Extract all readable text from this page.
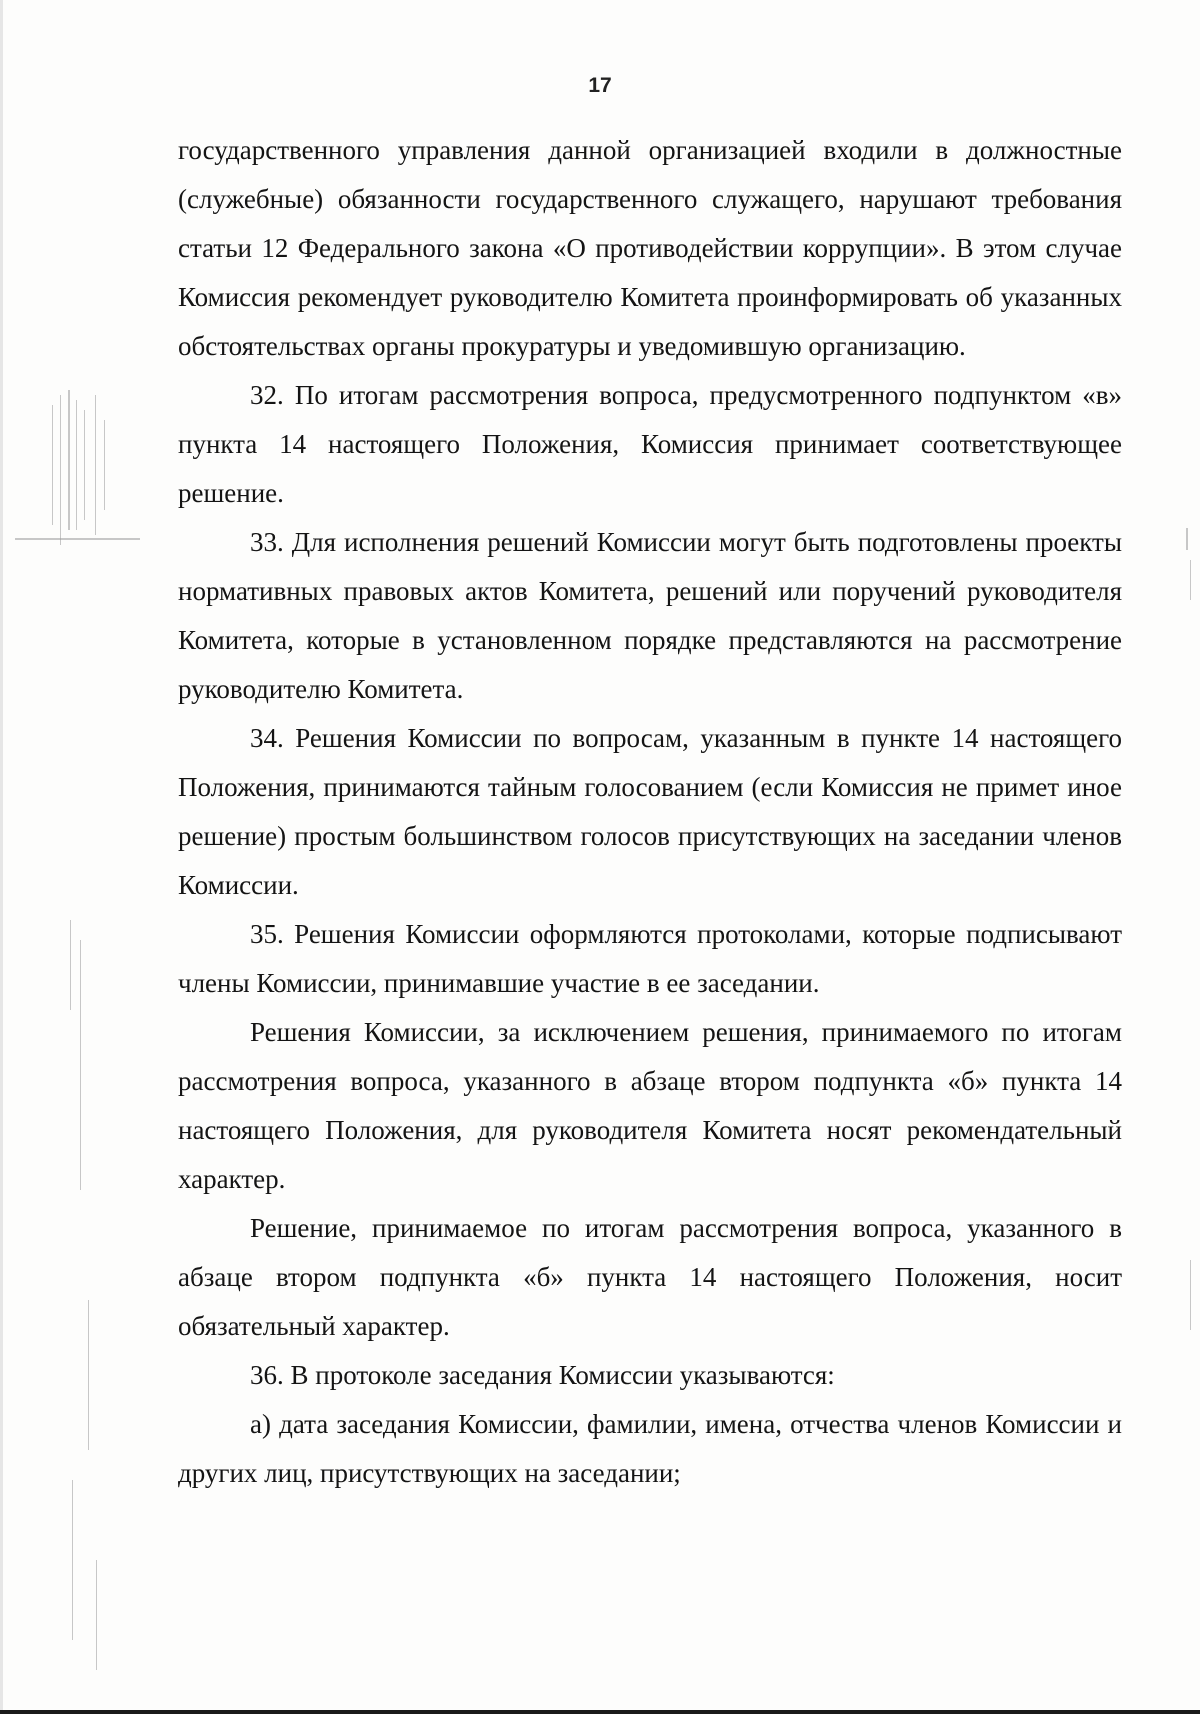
17

государственного управления данной организацией входили в должностные (служебные) обязанности государственного служащего, нарушают требования статьи 12 Федерального закона «О противодействии коррупции». В этом случае Комиссия рекомендует руководителю Комитета проинформировать об указанных обстоятельствах органы прокуратуры и уведомившую организацию.

32. По итогам рассмотрения вопроса, предусмотренного подпунктом «в» пункта 14 настоящего Положения, Комиссия принимает соответствующее решение.

33. Для исполнения решений Комиссии могут быть подготовлены проекты нормативных правовых актов Комитета, решений или поручений руководителя Комитета, которые в установленном порядке представляются на рассмотрение руководителю Комитета.

34. Решения Комиссии по вопросам, указанным в пункте 14 настоящего Положения, принимаются тайным голосованием (если Комиссия не примет иное решение) простым большинством голосов присутствующих на заседании членов Комиссии.

35. Решения Комиссии оформляются протоколами, которые подписывают члены Комиссии, принимавшие участие в ее заседании.

Решения Комиссии, за исключением решения, принимаемого по итогам рассмотрения вопроса, указанного в абзаце втором подпункта «б» пункта 14 настоящего Положения, для руководителя Комитета носят рекомендательный характер.

Решение, принимаемое по итогам рассмотрения вопроса, указанного в абзаце втором подпункта «б» пункта 14 настоящего Положения, носит обязательный характер.

36. В протоколе заседания Комиссии указываются:

а) дата заседания Комиссии, фамилии, имена, отчества членов Комиссии и других лиц, присутствующих на заседании;
